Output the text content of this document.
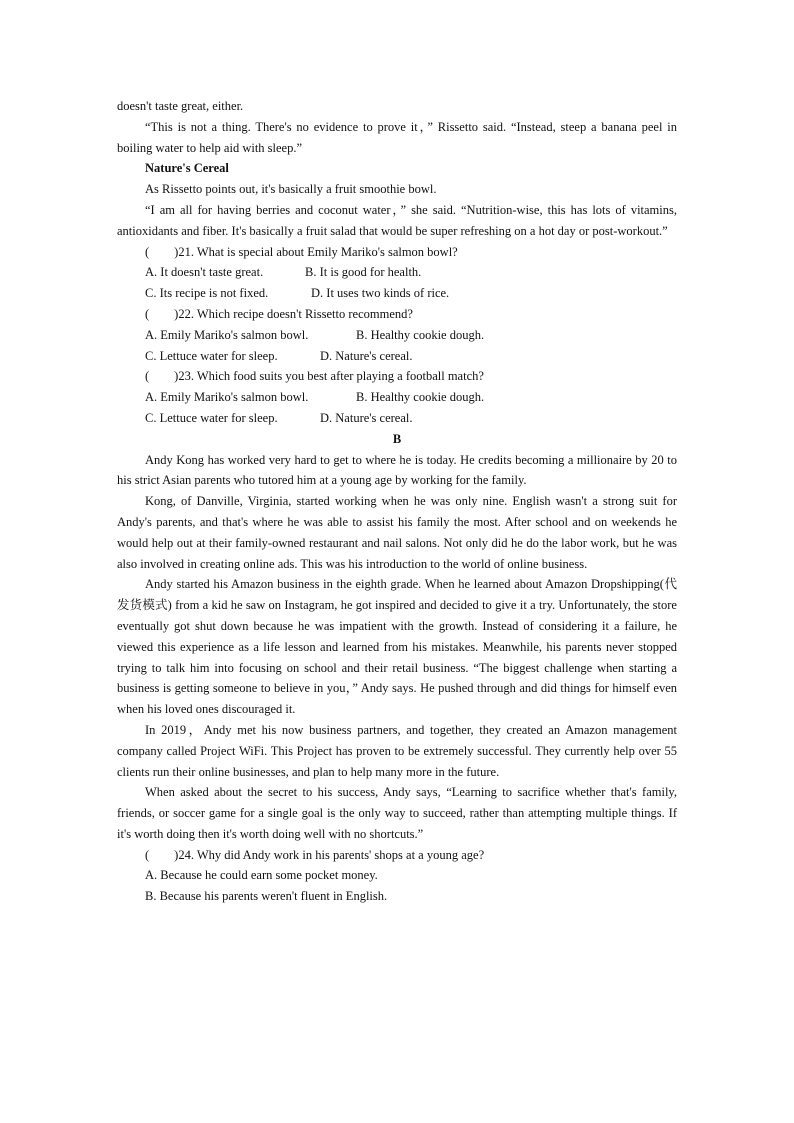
doesn't taste great, either.

“This is not a thing. There's no evidence to prove it，” Rissetto said. “Instead, steep a banana peel in boiling water to help aid with sleep.”

Nature's Cereal

As Rissetto points out, it's basically a fruit smoothie bowl.

“I am all for having berries and coconut water，” she said. “Nutrition-wise, this has lots of vitamins, antioxidants and fiber. It's basically a fruit salad that would be super refreshing on a hot day or post-workout.”

(　　)21. What is special about Emily Mariko's salmon bowl?

A. It doesn't taste great.	B. It is good for health.
C. Its recipe is not fixed.	D. It uses two kinds of rice.

(　　)22. Which recipe doesn't Rissetto recommend?

A. Emily Mariko's salmon bowl.	B. Healthy cookie dough.
C. Lettuce water for sleep.	D. Nature's cereal.

(　　)23. Which food suits you best after playing a football match?

A. Emily Mariko's salmon bowl.	B. Healthy cookie dough.
C. Lettuce water for sleep.	D. Nature's cereal.

B

Andy Kong has worked very hard to get to where he is today. He credits becoming a millionaire by 20 to his strict Asian parents who tutored him at a young age by working for the family.

Kong, of Danville, Virginia, started working when he was only nine. English wasn't a strong suit for Andy's parents, and that's where he was able to assist his family the most. After school and on weekends he would help out at their family-owned restaurant and nail salons. Not only did he do the labor work, but he was also involved in creating online ads. This was his introduction to the world of online business.

Andy started his Amazon business in the eighth grade. When he learned about Amazon Dropshipping(代发货模式) from a kid he saw on Instagram, he got inspired and decided to give it a try. Unfortunately, the store eventually got shut down because he was impatient with the growth. Instead of considering it a failure, he viewed this experience as a life lesson and learned from his mistakes. Meanwhile, his parents never stopped trying to talk him into focusing on school and their retail business. “The biggest challenge when starting a business is getting someone to believe in you，” Andy says. He pushed through and did things for himself even when his loved ones discouraged it.

In 2019，Andy met his now business partners, and together, they created an Amazon management company called Project WiFi. This Project has proven to be extremely successful. They currently help over 55 clients run their online businesses, and plan to help many more in the future.

When asked about the secret to his success, Andy says, “Learning to sacrifice whether that's family, friends, or soccer game for a single goal is the only way to succeed, rather than attempting multiple things. If it's worth doing then it's worth doing well with no shortcuts.”

(　　)24. Why did Andy work in his parents' shops at a young age?

A. Because he could earn some pocket money.

B. Because his parents weren't fluent in English.
